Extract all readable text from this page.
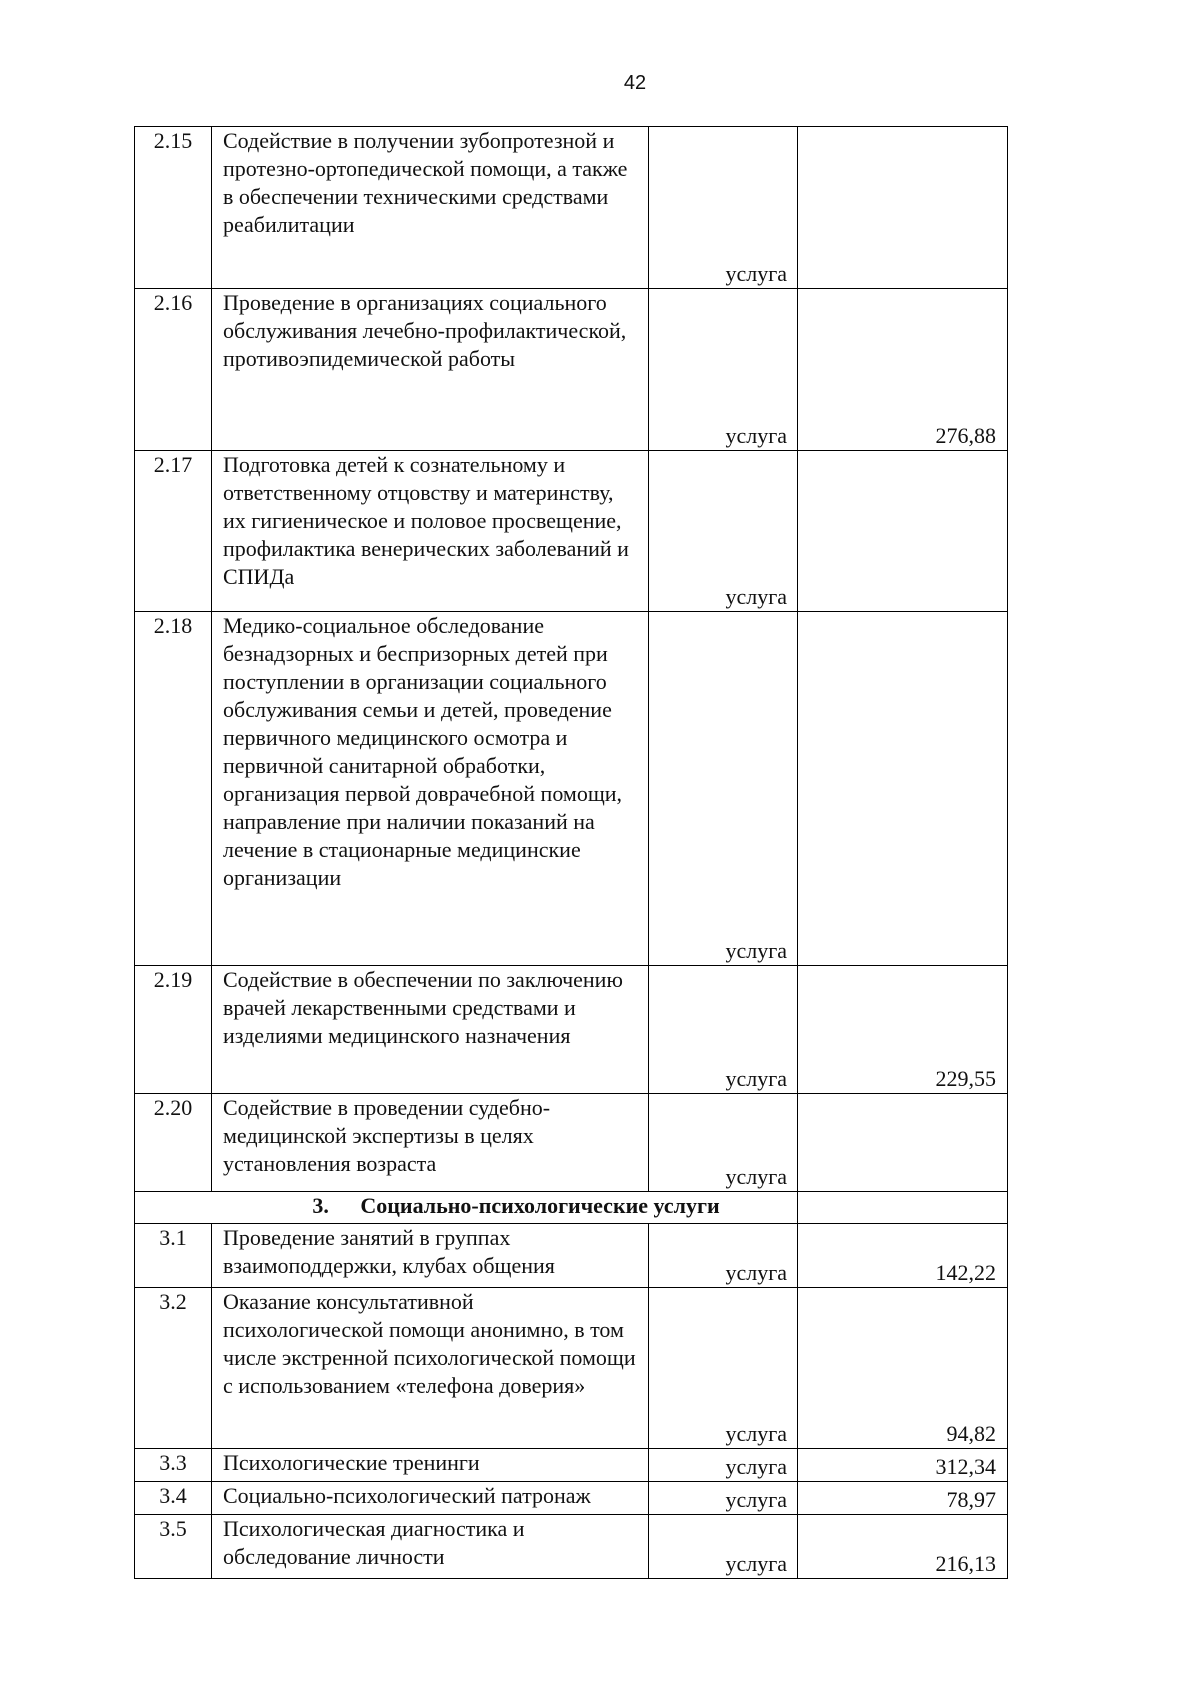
42
2.15	Содействие в получении зубопротезной и протезно-ортопедической помощи, а также в обеспечении техническими средствами реабилитации	услуга	
2.16	Проведение в организациях социального обслуживания лечебно-профилактической, противоэпидемической работы	услуга	276,88
2.17	Подготовка детей к сознательному и ответственному отцовству и материнству, их гигиеническое и половое просвещение, профилактика венерических заболеваний и СПИДа	услуга	
2.18	Медико-социальное обследование безнадзорных и беспризорных детей при поступлении в организации социального обслуживания семьи и детей, проведение первичного медицинского осмотра и первичной санитарной обработки, организация первой доврачебной помощи, направление при наличии показаний на лечение в стационарные медицинские организации	услуга	
2.19	Содействие в обеспечении по заключению врачей лекарственными средствами и изделиями медицинского назначения	услуга	229,55
2.20	Содействие в проведении судебно-медицинской экспертизы в целях установления возраста	услуга	
3. Социально-психологические услуги			
3.1	Проведение занятий в группах взаимоподдержки, клубах общения	услуга	142,22
3.2	Оказание консультативной психологической помощи анонимно, в том числе экстренной психологической помощи с использованием «телефона доверия»	услуга	94,82
3.3	Психологические тренинги	услуга	312,34
3.4	Социально-психологический патронаж	услуга	78,97
3.5	Психологическая диагностика и обследование личности	услуга	216,13
